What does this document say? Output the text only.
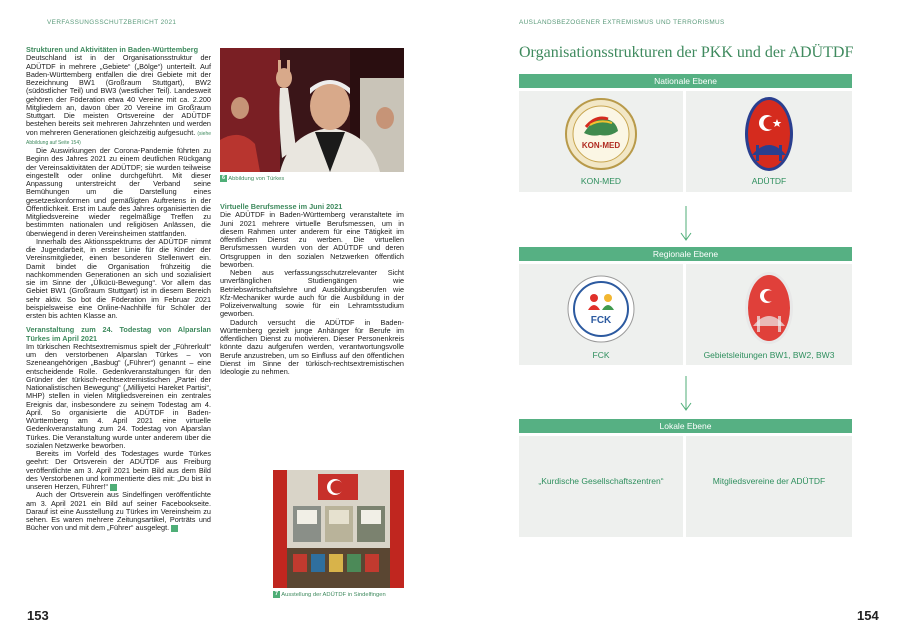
VERFASSUNGSSCHUTZBERICHT 2021
Strukturen und Aktivitäten in Baden-Württemberg

Deutschland ist in der Organisationsstruktur der ADÜTDF in mehrere „Gebiete“ („Bölge“) unterteilt. Auf Baden-Württemberg entfallen die drei Gebiete mit der Bezeichnung BW1 (Großraum Stuttgart), BW2 (südöstlicher Teil) und BW3 (westlicher Teil). Landesweit gehören der Föderation etwa 40 Vereine mit ca. 2.200 Mitgliedern an, davon über 20 Vereine im Großraum Stuttgart. Die meisten Ortsvereine der ADÜTDF bestehen bereits seit mehreren Jahrzehnten und werden von mehreren Generationen gleichzeitig aufgesucht. (siehe Abbildung auf Seite 154)

Die Auswirkungen der Corona-Pandemie führten zu Beginn des Jahres 2021 zu einem deutlichen Rückgang der Vereinsaktivitäten der ADÜTDF; sie wurden teilweise eingestellt oder online durchgeführt. Mit dieser Anpassung unterstreicht der Verband seine Bemühungen um die Darstellung eines gesetzeskonformen und gemäßigten Auftretens in der Öffentlichkeit. Erst im Laufe des Jahres organisierten die Mitgliedsvereine wieder regelmäßige Treffen zu bestimmten nationalen und religiösen Anlässen, die überwiegend in deren Vereinsheimen stattfanden.

Innerhalb des Aktionsspektrums der ADÜTDF nimmt die Jugendarbeit, in erster Linie für die Kinder der Vereinsmitglieder, einen besonderen Stellenwert ein. Damit bindet die Organisation frühzeitig die nachkommenden Generationen an sich und sozialisiert sie im Sinne der „Ülkücü-Bewegung“. Vor allem das Gebiet BW1 (Großraum Stuttgart) ist in diesem Bereich sehr aktiv. So bot die Föderation im Februar 2021 beispielsweise eine Online-Nachhilfe für Schüler der ersten bis achten Klasse an.

Veranstaltung zum 24. Todestag von Alparslan Türkes im April 2021

Im türkischen Rechtsextremismus spielt der „Führerkult“ um den verstorbenen Alparslan Türkes – von Szeneangehörigen „Basbug“ („Führer“) genannt – eine entscheidende Rolle. Gedenkveranstaltungen für den Gründer der türkisch-rechtsextremistischen „Partei der Nationalistischen Bewegung“ („Milliyetci Hareket Partisi“, MHP) stellen in vielen Mitgliedsvereinen ein zentrales Ereignis dar, insbesondere zu seinem Todestag am 4. April. So organisierte die ADÜTDF in Baden-Württemberg am 4. April 2021 eine virtuelle Gedenkveranstaltung zum 24. Todestag von Alparslan Türkes. Die Veranstaltung wurde unter anderem über die sozialen Netzwerke beworben.

Bereits im Vorfeld des Todestages wurde Türkes geehrt: Der Ortsverein der ADÜTDF aus Freiburg veröffentlichte am 3. April 2021 beim Bild aus dem Bild des Verstorbenen und kommentierte dies mit: „Du bist in unseren Herzen, Führer!“ 6

Auch der Ortsverein aus Sindelfingen veröffentlichte am 3. April 2021 ein Bild auf seiner Facebookseite. Darauf ist eine Ausstellung zu Türkes im Vereinsheim zu sehen. Es waren mehrere Zeitungsartikel, Porträts und Bücher von und mit dem „Führer“ ausgelegt. 7

6 Abbildung von Türkes
Virtuelle Berufsmesse im Juni 2021

Die ADÜTDF in Baden-Württemberg veranstaltete im Juni 2021 mehrere virtuelle Berufsmessen, um in diesem Rahmen unter anderem für eine Tätigkeit im öffentlichen Dienst zu werben. Die virtuellen Berufsmessen wurden von der ADÜTDF und deren Ortsgruppen in den sozialen Netzwerken öffentlich beworben.

Neben aus verfassungsschutzrelevanter Sicht unverfänglichen Studiengängen wie Betriebswirtschaftslehre und Ausbildungsberufen wie Kfz-Mechaniker wurde auch für die Ausbildung in der Polizeiverwaltung sowie für ein Lehramtsstudium geworben.

Dadurch versucht die ADÜTDF in Baden-Württemberg gezielt junge Anhänger für Berufe im öffentlichen Dienst zu motivieren. Dieser Personenkreis könnte dazu aufgerufen werden, verantwortungsvolle Berufe anzustreben, um so Einfluss auf den öffentlichen Dienst im Sinne der türkisch-rechtsextremistischen Ideologie zu nehmen.

7 Ausstellung der ADÜTDF in Sindelfingen
153
AUSLANDSBEZOGENER EXTREMISMUS UND TERRORISMUS
Organisationsstrukturen der PKK und der ADÜTDF
Nationale Ebene
KON-MED
KON-MED	ADÜTDF
Regionale Ebene
FCK
FCK	Gebietsleitungen BW1, BW2, BW3
Lokale Ebene
„Kurdische Gesellschaftszentren“	Mitgliedsvereine der ADÜTDF
154
